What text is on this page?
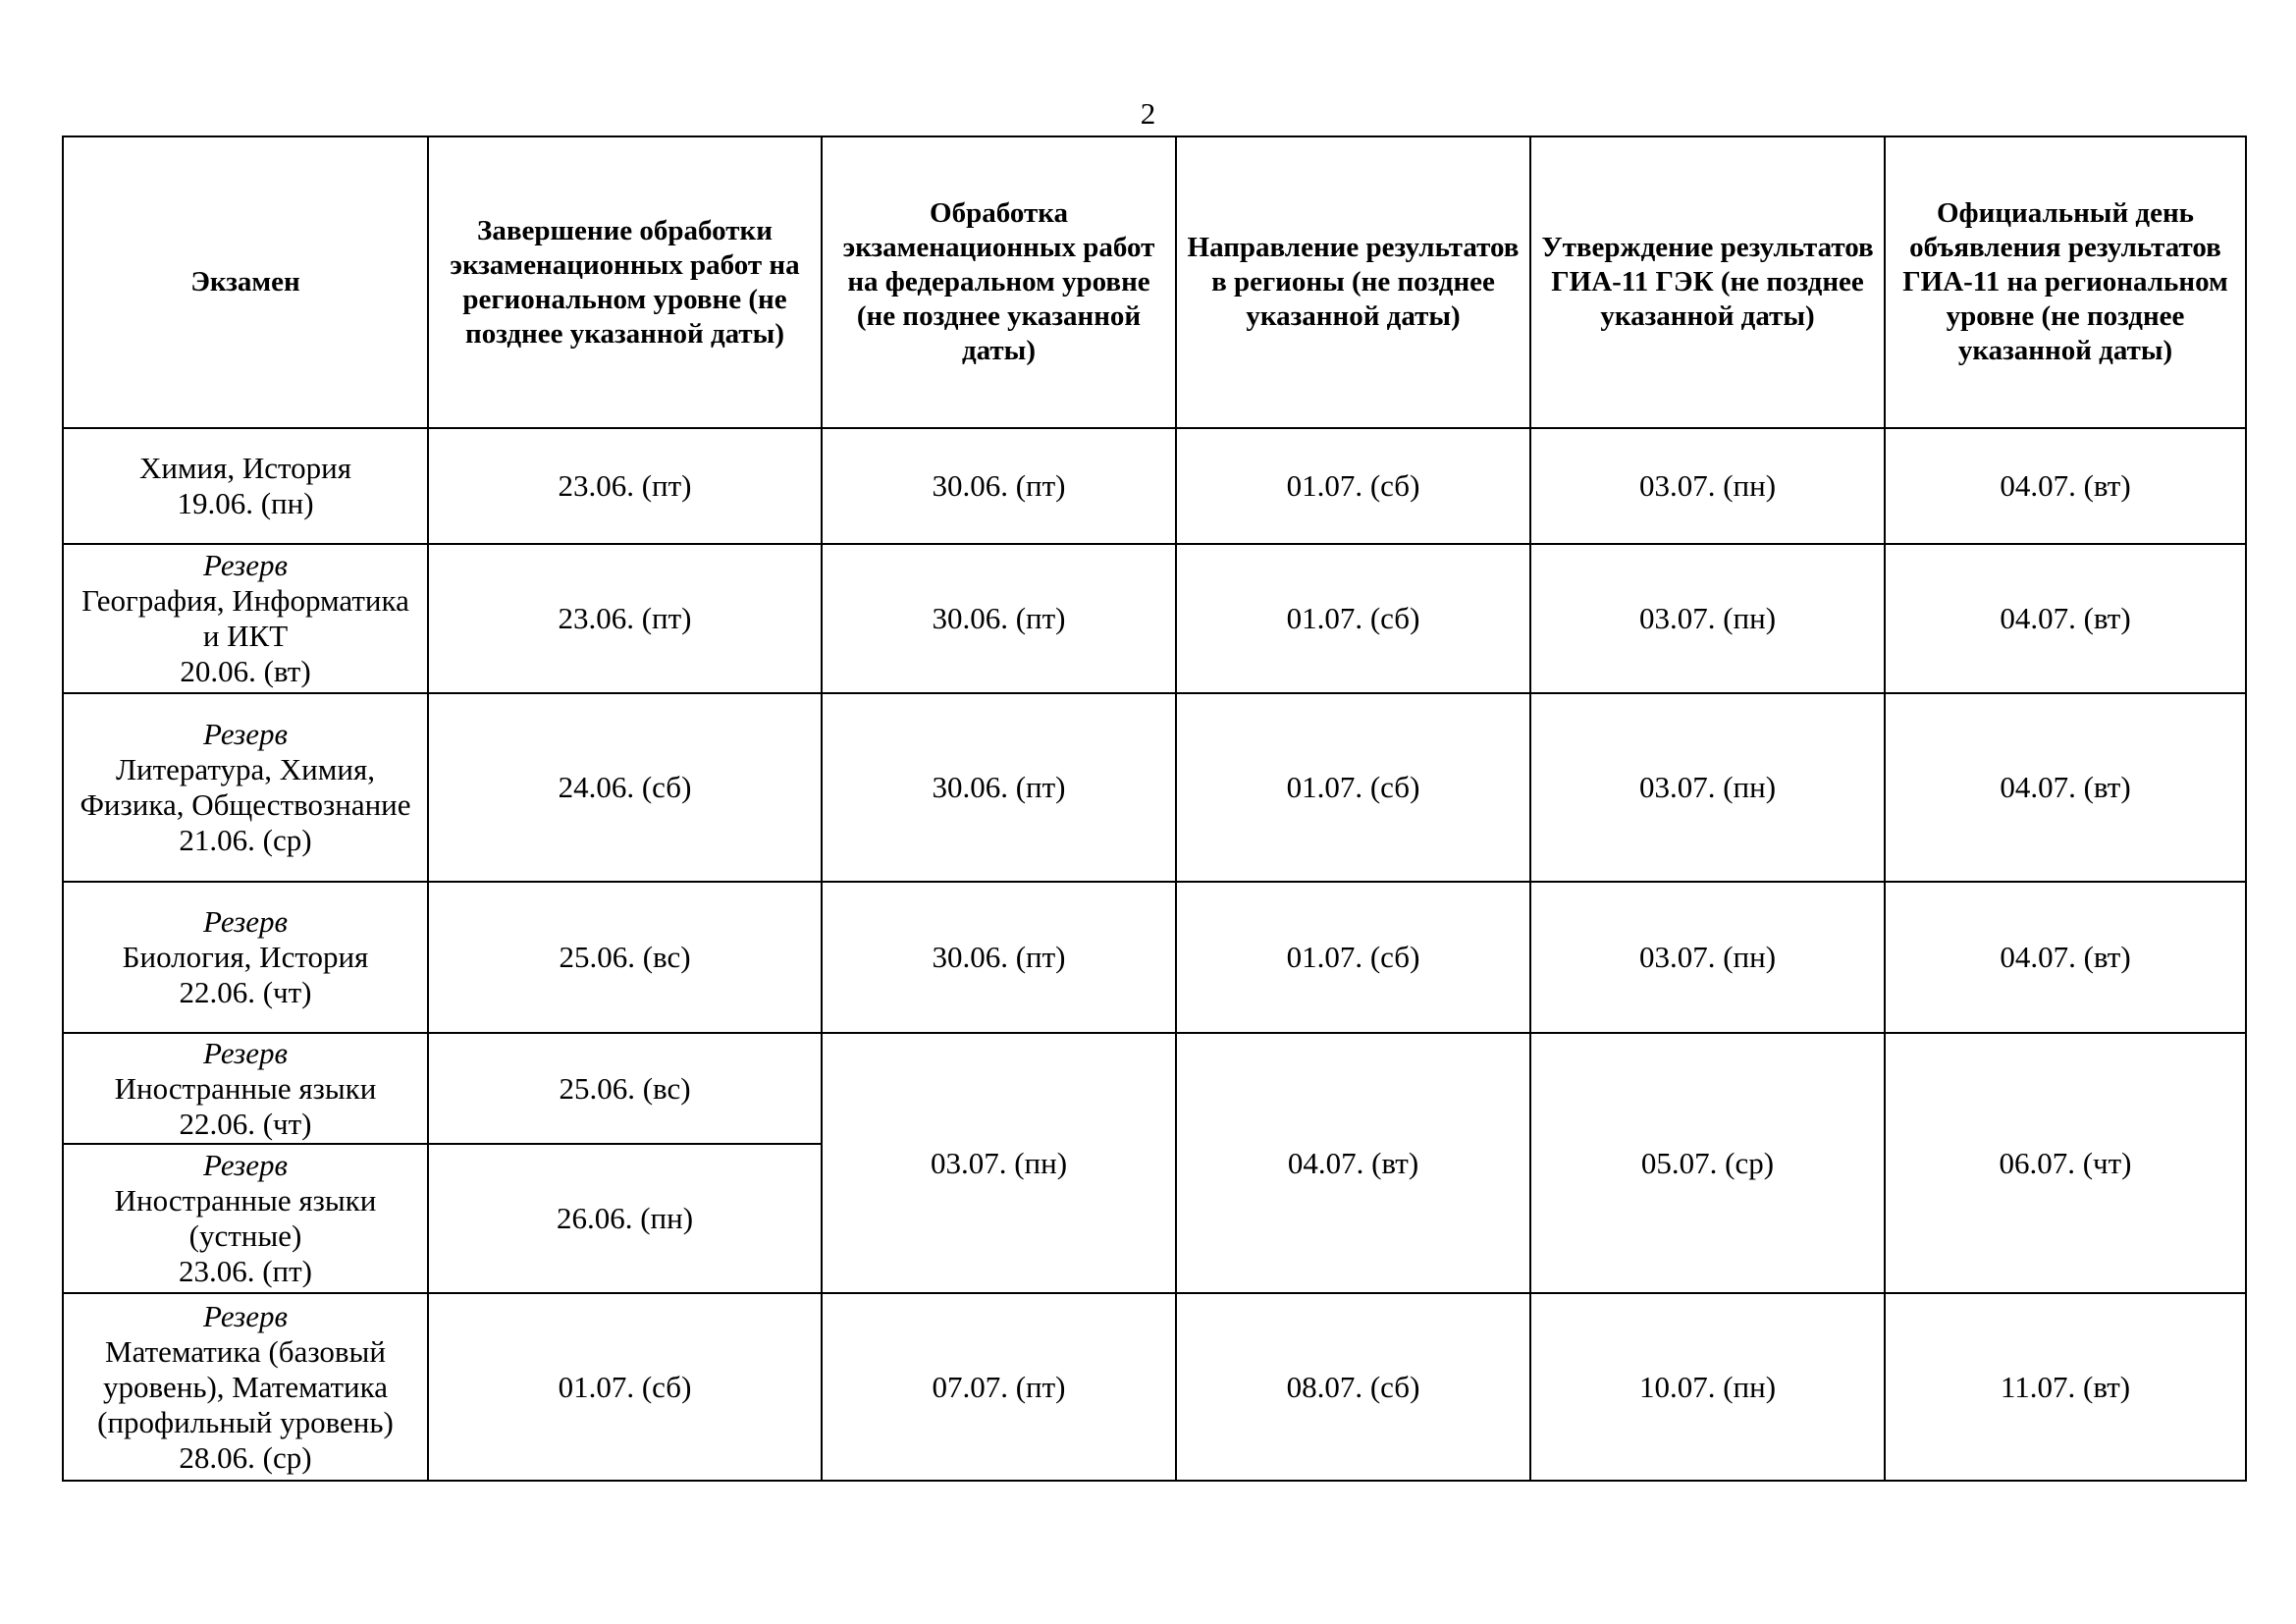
2
Экзамен	Завершение обработки экзаменационных работ на региональном уровне (не позднее указанной даты)	Обработка экзаменационных работ на федеральном уровне (не позднее указанной даты)	Направление результатов в регионы (не позднее указанной даты)	Утверждение результатов ГИА-11 ГЭК (не позднее указанной даты)	Официальный день объявления результатов ГИА-11 на региональном уровне (не позднее указанной даты)

Химия, История
19.06. (пн)	23.06. (пт)	30.06. (пт)	01.07. (сб)	03.07. (пн)	04.07. (вт)

Резерв
География, Информатика и ИКТ
20.06. (вт)	23.06. (пт)	30.06. (пт)	01.07. (сб)	03.07. (пн)	04.07. (вт)

Резерв
Литература, Химия, Физика, Обществознание
21.06. (ср)	24.06. (сб)	30.06. (пт)	01.07. (сб)	03.07. (пн)	04.07. (вт)

Резерв
Биология, История
22.06. (чт)	25.06. (вс)	30.06. (пт)	01.07. (сб)	03.07. (пн)	04.07. (вт)

Резерв
Иностранные языки
22.06. (чт)	25.06. (вс)	03.07. (пн)	04.07. (вт)	05.07. (ср)	06.07. (чт)

Резерв
Иностранные языки (устные)
23.06. (пт)	26.06. (пн)				

Резерв
Математика (базовый уровень), Математика (профильный уровень)
28.06. (ср)	01.07. (сб)	07.07. (пт)	08.07. (сб)	10.07. (пн)	11.07. (вт)
